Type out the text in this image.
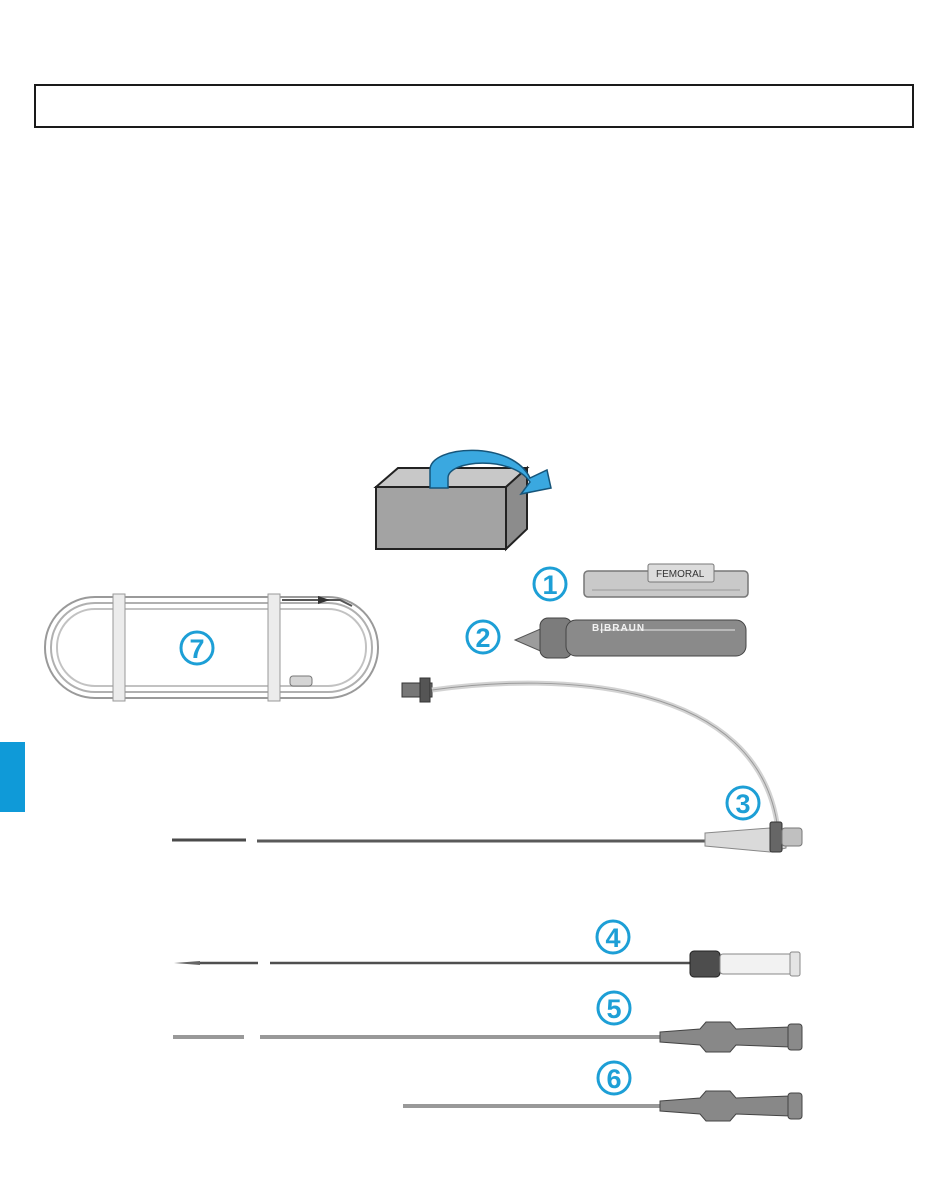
7
1	FEMORAL
2	B|BRAUN
3
4
5
6
